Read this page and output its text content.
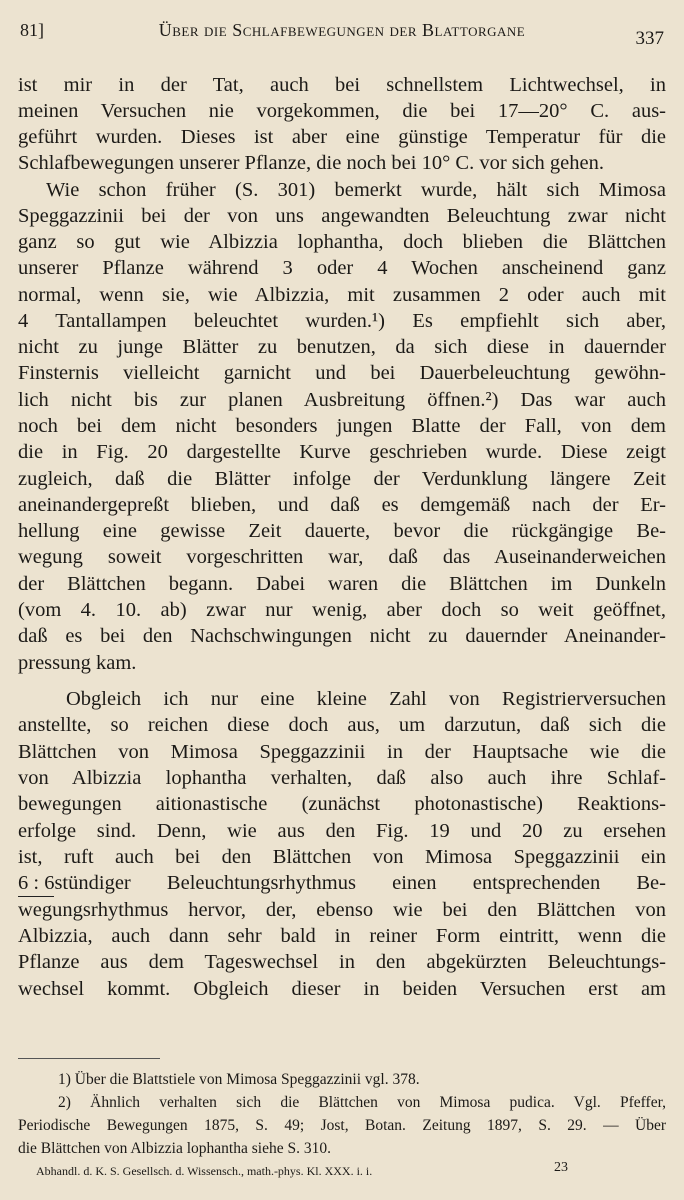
81]	Über die Schlafbewegungen der Blattorgane	337
ist mir in der Tat, auch bei schnellstem Lichtwechsel, in
meinen Versuchen nie vorgekommen, die bei 17—20° C. aus-
geführt wurden. Dieses ist aber eine günstige Temperatur für die
Schlafbewegungen unserer Pflanze, die noch bei 10° C. vor sich gehen.
Wie schon früher (S. 301) bemerkt wurde, hält sich Mimosa
Speggazzinii bei der von uns angewandten Beleuchtung zwar nicht
ganz so gut wie Albizzia lophantha, doch blieben die Blättchen
unserer Pflanze während 3 oder 4 Wochen anscheinend ganz
normal, wenn sie, wie Albizzia, mit zusammen 2 oder auch mit
4 Tantallampen beleuchtet wurden.¹) Es empfiehlt sich aber,
nicht zu junge Blätter zu benutzen, da sich diese in dauernder
Finsternis vielleicht garnicht und bei Dauerbeleuchtung gewöhn-
lich nicht bis zur planen Ausbreitung öffnen.²) Das war auch
noch bei dem nicht besonders jungen Blatte der Fall, von dem
die in Fig. 20 dargestellte Kurve geschrieben wurde. Diese zeigt
zugleich, daß die Blätter infolge der Verdunklung längere Zeit
aneinandergepreßt blieben, und daß es demgemäß nach der Er-
hellung eine gewisse Zeit dauerte, bevor die rückgängige Be-
wegung soweit vorgeschritten war, daß das Auseinanderweichen
der Blättchen begann. Dabei waren die Blättchen im Dunkeln
(vom 4. 10. ab) zwar nur wenig, aber doch so weit geöffnet,
daß es bei den Nachschwingungen nicht zu dauernder Aneinander-
pressung kam.
Obgleich ich nur eine kleine Zahl von Registrierversuchen
anstellte, so reichen diese doch aus, um darzutun, daß sich die
Blättchen von Mimosa Speggazzinii in der Hauptsache wie die
von Albizzia lophantha verhalten, daß also auch ihre Schlaf-
bewegungen aitionastische (zunächst photonastische) Reaktions-
erfolge sind. Denn, wie aus den Fig. 19 und 20 zu ersehen
ist, ruft auch bei den Blättchen von Mimosa Speggazzinii ein
6 : 6 stündiger Beleuchtungsrhythmus einen entsprechenden Be-
wegungsrhythmus hervor, der, ebenso wie bei den Blättchen von
Albizzia, auch dann sehr bald in reiner Form eintritt, wenn die
Pflanze aus dem Tageswechsel in den abgekürzten Beleuchtungs-
wechsel kommt. Obgleich dieser in beiden Versuchen erst am
1) Über die Blattstiele von Mimosa Speggazzinii vgl. 378.
2) Ähnlich verhalten sich die Blättchen von Mimosa pudica. Vgl. Pfeffer,
Periodische Bewegungen 1875, S. 49; Jost, Botan. Zeitung 1897, S. 29. — Über
die Blättchen von Albizzia lophantha siehe S. 310.
Abhandl. d. K. S. Gesellsch. d. Wissensch., math.-phys. Kl. XXX. i. i.	23
